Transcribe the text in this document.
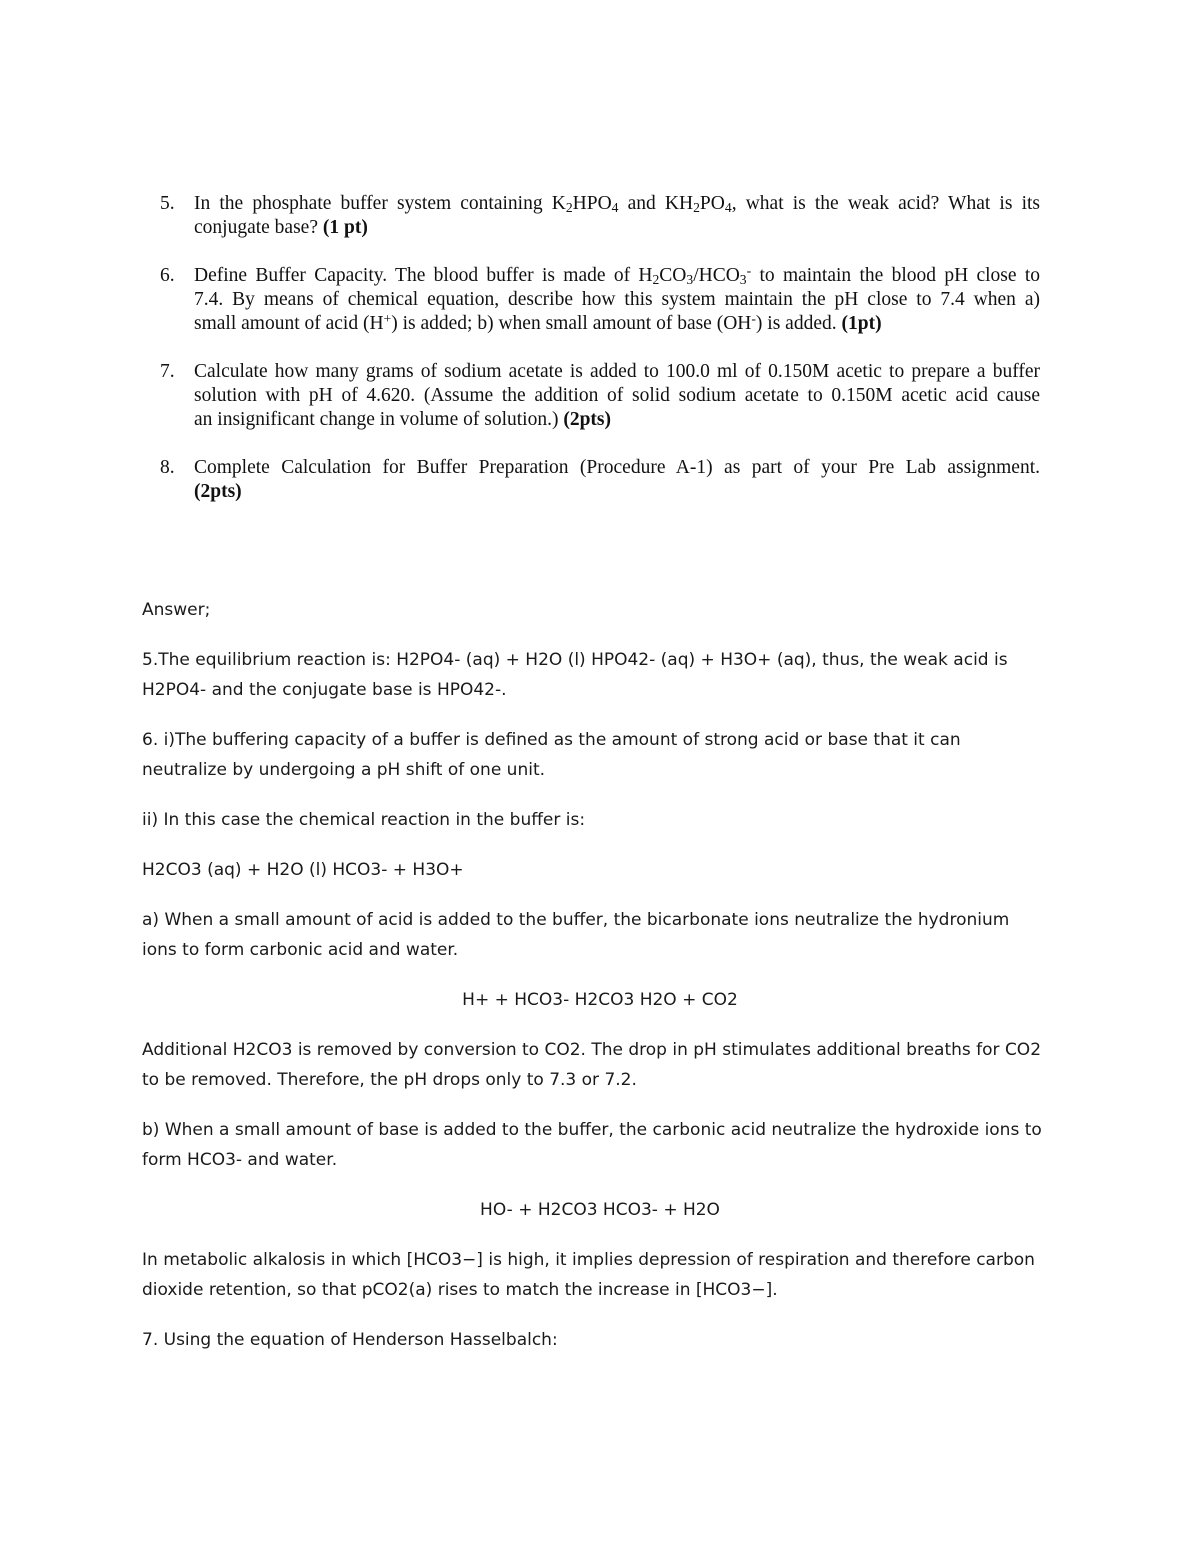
5. In the phosphate buffer system containing $K_2HPO_4$ and $KH_2PO_4$, what is the weak acid? What is its
conjugate base? (1 pt)
6. Define Buffer Capacity. The blood buffer is made of $H_2CO_3/HCO_3^-$ to maintain the blood pH close to
7.4. By means of chemical equation, describe how this system maintain the pH close to 7.4 when a)
small amount of acid (H+) is added; b) when small amount of base (OH-) is added. (1pt)
7. Calculate how many grams of sodium acetate is added to 100.0 ml of 0.150M acetic to prepare a buffer
solution with pH of 4.620. (Assume the addition of solid sodium acetate to 0.150M acetic acid cause
an insignificant change in volume of solution.) (2pts)
8. Complete Calculation for Buffer Preparation (Procedure A-1) as part of your Pre Lab assignment.
(2pts)
Answer;
5.The equilibrium reaction is: H2PO4- (aq) + H2O (l) HPO42- (aq) + H3O+ (aq), thus, the weak acid is
H2PO4- and the conjugate base is HPO42-.
6. i)The buffering capacity of a buffer is defined as the amount of strong acid or base that it can
neutralize by undergoing a pH shift of one unit.
ii) In this case the chemical reaction in the buffer is:
H2CO3 (aq) + H2O (l) HCO3- + H3O+
a) When a small amount of acid is added to the buffer, the bicarbonate ions neutralize the hydronium
ions to form carbonic acid and water.
H+ + HCO3- H2CO3 H2O + CO2
Additional H2CO3 is removed by conversion to CO2. The drop in pH stimulates additional breaths for CO2
to be removed. Therefore, the pH drops only to 7.3 or 7.2.
b) When a small amount of base is added to the buffer, the carbonic acid neutralize the hydroxide ions to
form HCO3- and water.
HO- + H2CO3 HCO3- + H2O
In metabolic alkalosis in which [HCO3−] is high, it implies depression of respiration and therefore carbon
dioxide retention, so that pCO2(a) rises to match the increase in [HCO3−].
7. Using the equation of Henderson Hasselbalch:
